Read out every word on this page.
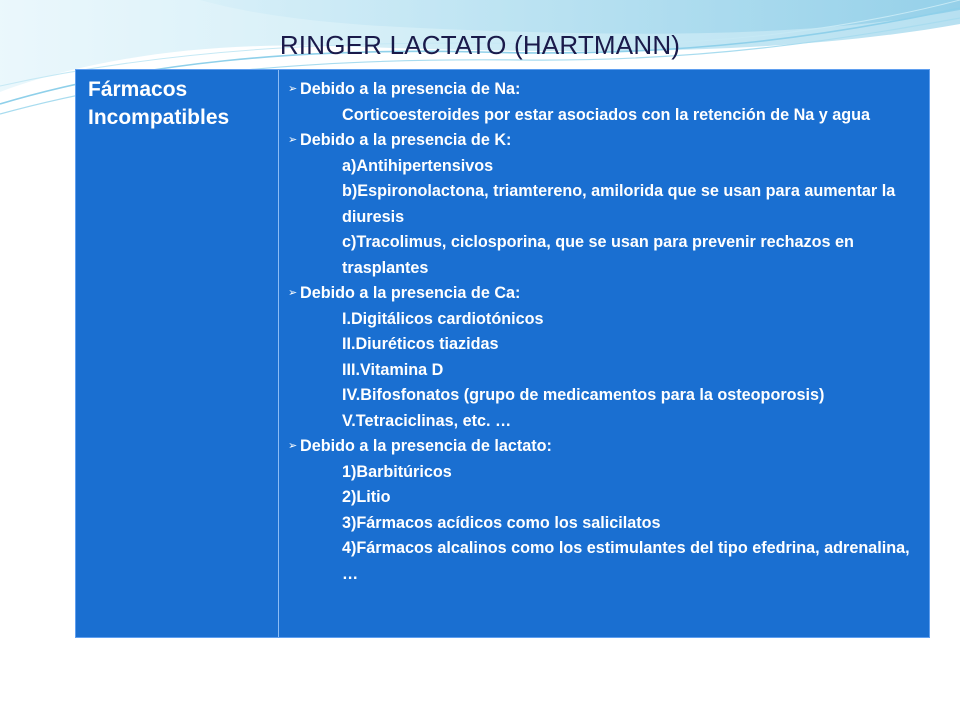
RINGER LACTATO (HARTMANN)
Fármacos Incompatibles
➢ Debido a la presencia de Na:
Corticoesteroides por estar asociados con la retención de Na y agua
➢ Debido a la presencia de K:
a)Antihipertensivos
b)Espironolactona, triamtereno, amilorida que se usan para aumentar la diuresis
c)Tracolimus, ciclosporina, que se usan para prevenir rechazos en trasplantes
➢ Debido a la presencia de Ca:
I.Digitálicos cardiotónicos
II.Diuréticos tiazidas
III.Vitamina D
IV.Bifosfonatos (grupo de medicamentos para la osteoporosis)
V.Tetraciclinas, etc. …
➢ Debido a la presencia de lactato:
1)Barbitúricos
2)Litio
3)Fármacos acídicos como los salicilatos
4)Fármacos alcalinos como los estimulantes del tipo efedrina, adrenalina, …
